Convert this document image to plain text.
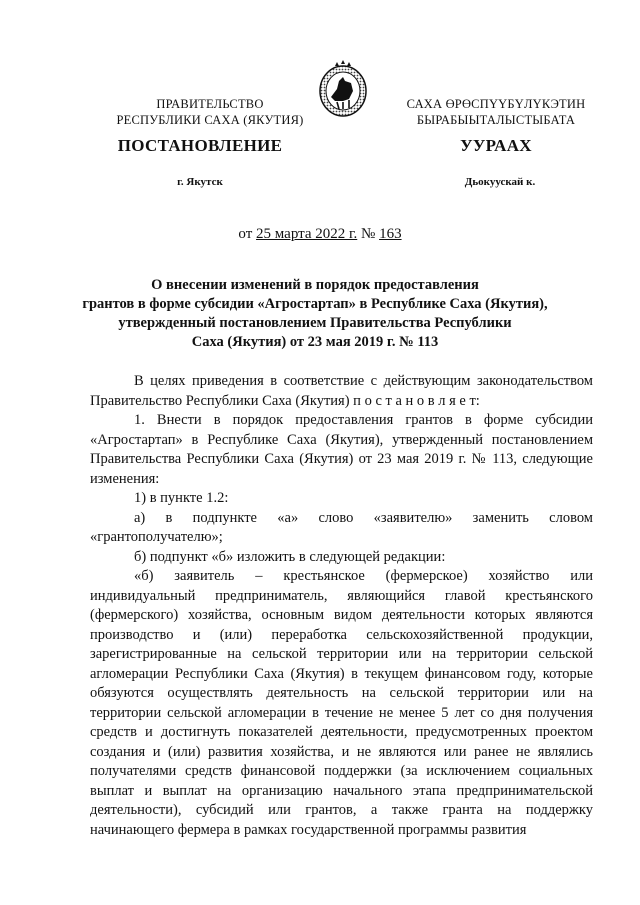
ПРАВИТЕЛЬСТВО
РЕСПУБЛИКИ САХА (ЯКУТИЯ)
САХА ӨРӨСПҮҮБҮЛҮКЭТИН
БЫРАБЫЫТАЛЫСТЫБАТА
ПОСТАНОВЛЕНИЕ	УУРААХ
г. Якутск	Дьокуускай к.
от 25 марта 2022 г. № 163
О внесении изменений в порядок предоставления
грантов в форме субсидии «Агростартап» в Республике Саха (Якутия),
утвержденный постановлением Правительства Республики
Саха (Якутия) от 23 мая 2019 г. № 113

В целях приведения в соответствие с действующим законодательством Правительство Республики Саха (Якутия) п о с т а н о в л я е т:

1. Внести в порядок предоставления грантов в форме субсидии «Агростартап» в Республике Саха (Якутия), утвержденный постановлением Правительства Республики Саха (Якутия) от 23 мая 2019 г. № 113, следующие изменения:

1) в пункте 1.2:

а) в подпункте «а» слово «заявителю» заменить словом «грантополучателю»;

б) подпункт «б» изложить в следующей редакции:

«б) заявитель – крестьянское (фермерское) хозяйство или индивидуальный предприниматель, являющийся главой крестьянского (фермерского) хозяйства, основным видом деятельности которых являются производство и (или) переработка сельскохозяйственной продукции, зарегистрированные на сельской территории или на территории сельской агломерации Республики Саха (Якутия) в текущем финансовом году, которые обязуются осуществлять деятельность на сельской территории или на территории сельской агломерации в течение не менее 5 лет со дня получения средств и достигнуть показателей деятельности, предусмотренных проектом создания и (или) развития хозяйства, и не являются или ранее не являлись получателями средств финансовой поддержки (за исключением социальных выплат и выплат на организацию начального этапа предпринимательской деятельности), субсидий или грантов, а также гранта на поддержку начинающего фермера в рамках государственной программы развития
